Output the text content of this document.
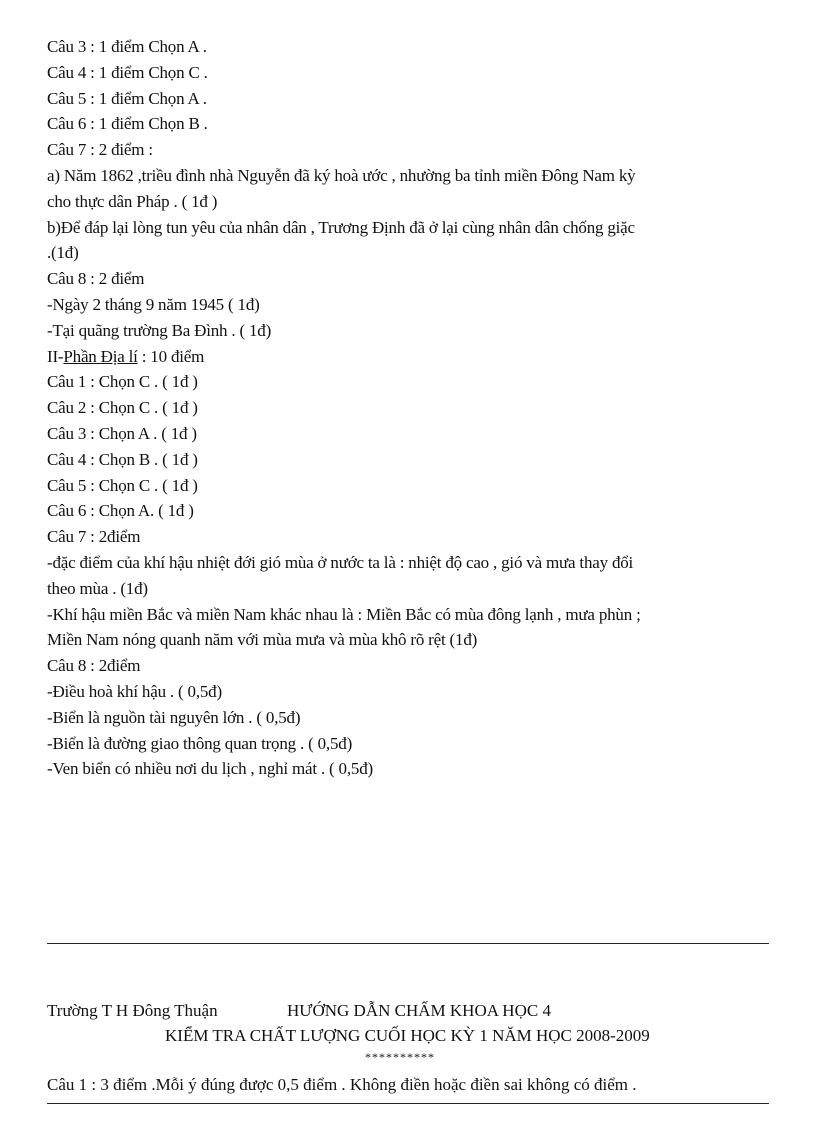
Câu 3 : 1 điểm Chọn A .
Câu 4 : 1 điểm Chọn C .
Câu 5 : 1 điểm Chọn A .
Câu 6 : 1 điểm Chọn B .
Câu 7 : 2 điểm :
a) Năm 1862 ,triều đình nhà Nguyễn đã ký hoà ước , nhường ba tỉnh miền Đông Nam kỳ
cho thực dân Pháp . ( 1đ )
b)Để đáp lại lòng tun yêu của nhân dân , Trương Định đã ở lại cùng nhân dân chống giặc
.(1đ)
Câu 8 : 2 điểm
-Ngày 2 tháng 9 năm 1945 ( 1đ)
-Tại quãng trường Ba Đình . ( 1đ)
II-Phần Địa lí : 10 điểm
Câu 1 : Chọn C . ( 1đ )
Câu 2 : Chọn C . ( 1đ )
Câu 3 : Chọn A . ( 1đ )
Câu 4 : Chọn B . ( 1đ )
Câu 5 : Chọn C . ( 1đ )
Câu 6 : Chọn A. ( 1đ )
Câu 7 : 2điểm
-đặc điểm của khí hậu nhiệt đới gió mùa ở nước ta là : nhiệt độ cao , gió và mưa thay đổi
theo mùa . (1đ)
-Khí hậu miền Bắc và miền Nam khác nhau là : Miền Bắc có mùa đông lạnh , mưa phùn ;
Miền Nam nóng quanh năm với mùa mưa và mùa khô rõ rệt (1đ)
Câu 8 : 2điểm
-Điều hoà khí hậu . ( 0,5đ)
-Biển là nguồn tài nguyên lớn . ( 0,5đ)
-Biển là đường giao thông quan trọng . ( 0,5đ)
-Ven biển có nhiều nơi du lịch , nghỉ mát . ( 0,5đ)
Trường T H Đông Thuận	HƯỚNG DẪN CHẤM KHOA HỌC 4
KIỂM TRA CHẤT LƯỢNG CUỐI HỌC KỲ 1 NĂM HỌC 2008-2009
**********
Câu 1 : 3 điểm .Mỗi ý đúng được 0,5 điểm . Không điền hoặc điền sai không có điểm .
